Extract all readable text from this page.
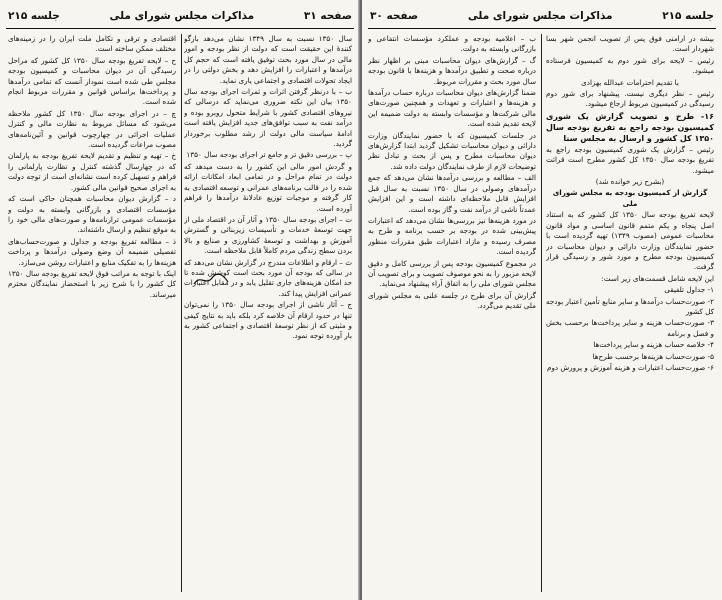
جلسه ۲۱۵	مذاکرات مجلس شورای ملی	صفحه ۳۱

سال ۱۳۵۰ نسبت به سال ۱۳۴۹ نشان می‌دهد بازگو کنندهٔ این حقیقت است که دولت از نظر بودجه و امور مالی در سال مورد بحث توفیق یافته است که حجم کل درآمدها و اعتبارات را افزایش دهد و بخش دولتی را در ایجاد تحولات اقتصادی و اجتماعی یاری نماید.

ب – با درنظر گرفتن اثرات و ثمرات اجرای بودجه سال ۱۳۵۰ بیان این نکته ضروری می‌نماید که درسالی که نیروهای اقتصادی کشور با شرایط متحول روبرو بوده و درآمد نفت به سبب توافق‌های جدید افزایش یافته است ادامهٔ سیاست مالی دولت از رشد مطلوب برخوردار گردید.

پ – بررسی دقیق تر و جامع تر اجرای بودجه سال ۱۳۵۰

و گردش امور مالی این کشور را به دست میدهد که دولت در تمام مراحل و در تمامی ابعاد امکانات ارائه شده را در قالب برنامه‌های عمرانی و توسعه اقتصادی به کار گرفته و موجبات توزیع عادلانهٔ درآمدها را فراهم آورده است.

ت – اجرای بودجه سال ۱۳۵۰ و آثار آن در اقتصاد ملی از جهت توسعهٔ خدمات و تأسیسات زیربنائی و گسترش آموزش و بهداشت و توسعهٔ کشاورزی و صنایع و بالا بردن سطح زندگی مردم کاملاً قابل ملاحظه است.

ث – ارقام و اطلاعات مندرج در گزارش نشان می‌دهد که در سالی که بودجه آن مورد بحث است کوشش شده تا حد امکان هزینه‌های جاری تقلیل یابد و در مقابل اعتبارات عمرانی افزایش پیدا کند.

ج – آثار ناشی از اجرای بودجه سال ۱۳۵۰ را نمی‌توان تنها در حدود ارقام آن خلاصه کرد بلکه باید به نتایج کیفی و مثبتی که از نظر توسعهٔ اقتصادی و اجتماعی کشور به بار آورده توجه نمود.

اقتصادی و ترقی و تکامل ملت ایران را در زمینه‌های مختلف ممکن ساخته است.

ح – لایحه تفریغ بودجه سال ۱۳۵۰ کل کشور که مراحل رسیدگی آن در دیوان محاسبات و کمیسیون بودجه مجلس طی شده است نمودار آنست که تمامی درآمدها و پرداخت‌ها براساس قوانین و مقررات مربوط انجام شده است.

چ – در اجرای بودجه سال ۱۳۵۰ کل کشور ملاحظه می‌شود که مسائل مربوط به نظارت مالی و کنترل عملیات اجرائی در چهارچوب قوانین و آئین‌نامه‌های مصوب مراعات گردیده است.

خ – تهیه و تنظیم و تقدیم لایحه تفریغ بودجه به پارلمان که در چهارسال گذشته کنترل و نظارت پارلمانی را فراهم و تسهیل کرده است نشانه‌ای است از توجه دولت به اجرای صحیح قوانین مالی کشور.

د – گزارش دیوان محاسبات همچنان حاکی است که مؤسسات اقتصادی و بازرگانی وابسته به دولت و مؤسسات عمومی ترازنامه‌ها و صورت‌های مالی خود را به موقع تنظیم و ارسال داشته‌اند.

ذ – مطالعه تفریغ بودجه و جداول و صورت‌حساب‌های تفصیلی ضمیمه آن وضع وصولی درآمدها و پرداخت هزینه‌ها را به تفکیک منابع و اعتبارات روشن می‌سازد.

اینک با توجه به مراتب فوق لایحه تفریغ بودجه سال ۱۳۵۰ کل کشور را با شرح زیر با استحضار نمایندگان محترم میرساند.

صفحه ۳۰	مذاکرات مجلس شورای ملی	جلسه ۲۱۵

بیشه در ارامنی فوق پس از تصویب انجمن شهر بسا شهردار است.

رئیس – لایحه برای شور دوم به کمیسیون فرستاده میشود.

با تقدیم احترامات عبدالله بهزادی

رئیس – نظر دیگری نیست. پیشنهاد برای شور دوم رسیدگی در کمیسیون مربوط ارجاع میشود.

۱۶- طرح و تصویب گزارش یک شوری کمیسیون بودجه راجع به تفریغ بودجه سال ۱۳۵۰ کل کشور و ارسال به مجلس سنا

رئیس – گزارش یک شوری کمیسیون بودجه راجع به تفریغ بودجه سال ۱۳۵۰ کل کشور مطرح است قرائت میشود.

(بشرح زیر خوانده شد)

گزارش از کمیسیون بودجه به مجلس شورای ملی

لایحه تفریغ بودجه سال ۱۳۵۰ کل کشور که به استناد اصل پنجاه و یکم متمم قانون اساسی و مواد قانون محاسبات عمومی (مصوب ۱۳۴۹) تهیه گردیده است با حضور نمایندگان وزارت دارائی و دیوان محاسبات در کمیسیون بودجه مطرح و مورد شور و رسیدگی قرار گرفت.

این لایحه شامل قسمت‌های زیر است:

۱- جداول تلفیقی

۲- صورت‌حساب درآمدها و سایر منابع تأمین اعتبار بودجه کل کشور

۳- صورت‌حساب هزینه و سایر پرداخت‌ها برحسب بخش و فصل و برنامه

۴- خلاصه حساب هزینه و سایر پرداخت‌ها

۵- صورت‌حساب هزینه‌ها برحسب طرح‌ها

۶- صورت‌حساب اعتبارات و هزینه آموزش و پرورش دوم

ب – اعلامیه بودجه و عملکرد مؤسسات انتفاعی و بازرگانی وابسته به دولت.

گ – گزارش‌های دیوان محاسبات مبنی بر اظهار نظر درباره صحت و تطبیق درآمدها و هزینه‌ها با قانون بودجه سال مورد بحث و مقررات مربوط.

ضمنا گزارش‌های دیوان محاسبات درباره حساب درآمدها و هزینه‌ها و اعتبارات و تعهدات و همچنین صورت‌های مالی شرکت‌ها و مؤسسات وابسته به دولت ضمیمه این لایحه تقدیم شده است.

در جلسات کمیسیون که با حضور نمایندگان وزارت دارائی و دیوان محاسبات تشکیل گردید ابتدا گزارش‌های دیوان محاسبات مطرح و پس از بحث و تبادل نظر توضیحات لازم از طرف نمایندگان دولت داده شد.

الف – مطالعه و بررسی درآمدها نشان می‌دهد که جمع درآمدهای وصولی در سال ۱۳۵۰ نسبت به سال قبل افزایش قابل ملاحظه‌ای داشته است و این افزایش عمدتاً ناشی از درآمد نفت و گاز بوده است.

در مورد هزینه‌ها نیز بررسی‌ها نشان می‌دهد که اعتبارات پیش‌بینی شده در بودجه بر حسب برنامه و طرح به مصرف رسیده و مازاد اعتبارات طبق مقررات منظور گردیده است.

در مجموع کمیسیون بودجه پس از بررسی کامل و دقیق لایحه مزبور را به نحو موصوف تصویب و برای تصویب آن مجلس شورای ملی را به اتفاق آراء پیشنهاد می‌نماید.

گزارش آن برای طرح در جلسه علنی به مجلس شورای ملی تقدیم می‌گردد.
